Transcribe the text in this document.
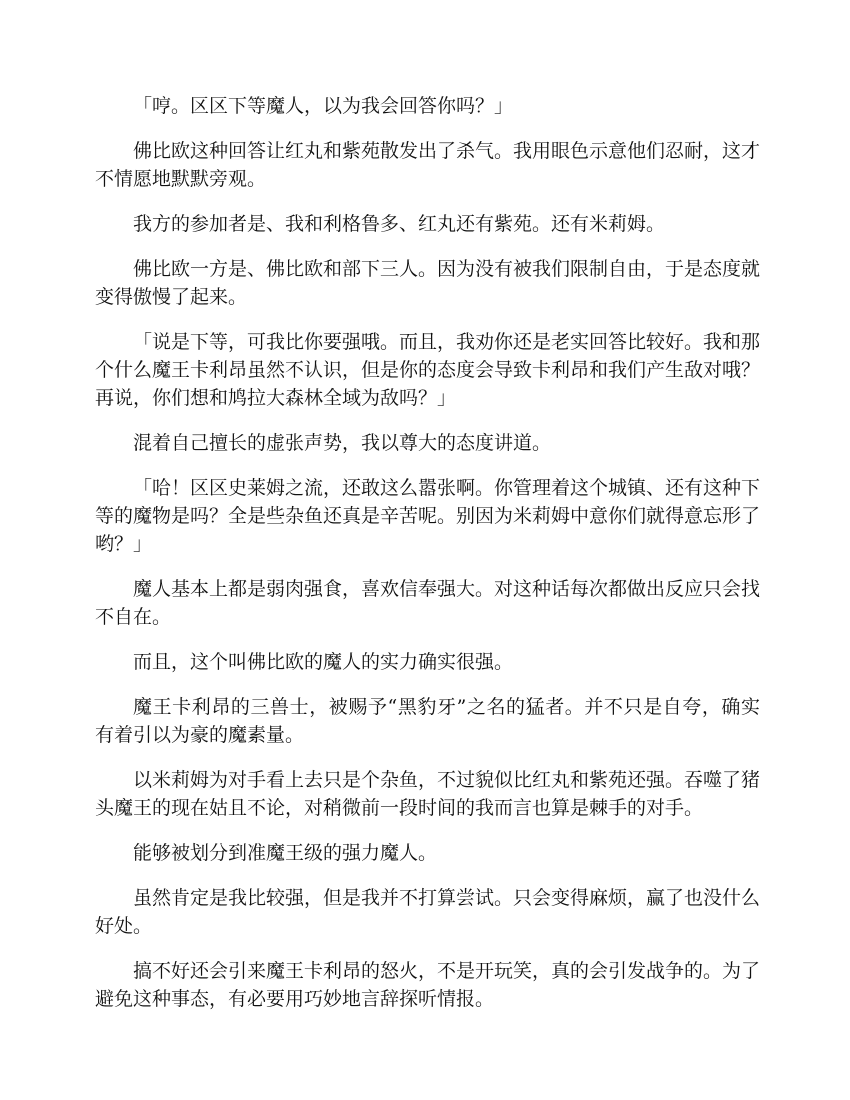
「哼。区区下等魔人，以为我会回答你吗？」

佛比欧这种回答让红丸和紫苑散发出了杀气。我用眼色示意他们忍耐，这才不情愿地默默旁观。

我方的参加者是、我和利格鲁多、红丸还有紫苑。还有米莉姆。

佛比欧一方是、佛比欧和部下三人。因为没有被我们限制自由，于是态度就变得傲慢了起来。

「说是下等，可我比你要强哦。而且，我劝你还是老实回答比较好。我和那个什么魔王卡利昂虽然不认识，但是你的态度会导致卡利昂和我们产生敌对哦？再说，你们想和鸠拉大森林全域为敌吗？」

混着自己擅长的虚张声势，我以尊大的态度讲道。

「哈！区区史莱姆之流，还敢这么嚣张啊。你管理着这个城镇、还有这种下等的魔物是吗？全是些杂鱼还真是辛苦呢。别因为米莉姆中意你们就得意忘形了哟？」

魔人基本上都是弱肉强食，喜欢信奉强大。对这种话每次都做出反应只会找不自在。

而且，这个叫佛比欧的魔人的实力确实很强。

魔王卡利昂的三兽士，被赐予“黑豹牙”之名的猛者。并不只是自夸，确实有着引以为豪的魔素量。

以米莉姆为对手看上去只是个杂鱼，不过貌似比红丸和紫苑还强。吞噬了猪头魔王的现在姑且不论，对稍微前一段时间的我而言也算是棘手的对手。

能够被划分到准魔王级的强力魔人。

虽然肯定是我比较强，但是我并不打算尝试。只会变得麻烦，赢了也没什么好处。

搞不好还会引来魔王卡利昂的怒火，不是开玩笑，真的会引发战争的。为了避免这种事态，有必要用巧妙地言辞探听情报。
